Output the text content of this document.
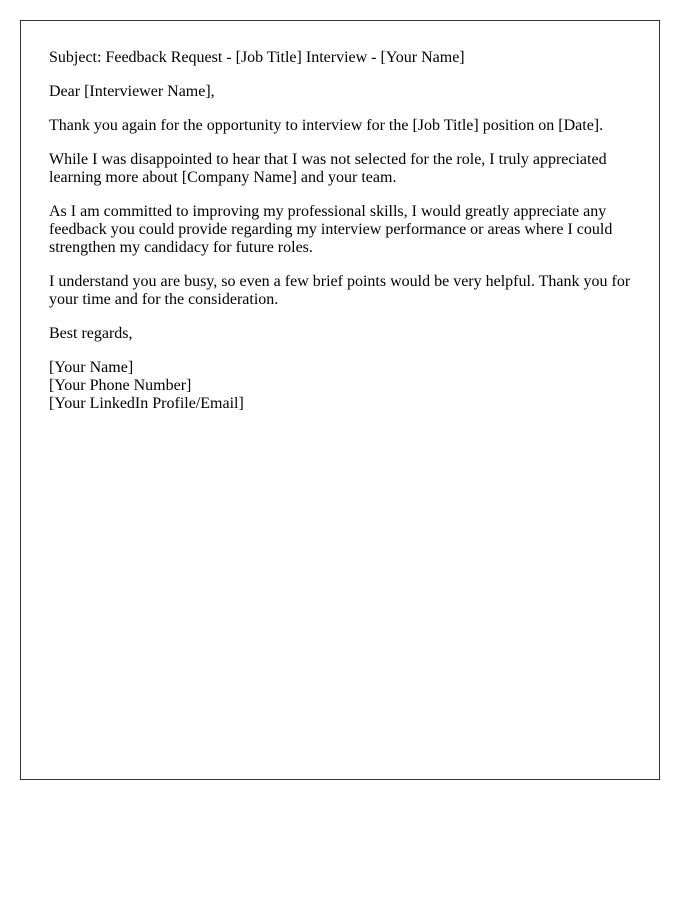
Subject: Feedback Request - [Job Title] Interview - [Your Name]

Dear [Interviewer Name],

Thank you again for the opportunity to interview for the [Job Title] position on [Date].

While I was disappointed to hear that I was not selected for the role, I truly appreciated learning more about [Company Name] and your team.

As I am committed to improving my professional skills, I would greatly appreciate any feedback you could provide regarding my interview performance or areas where I could strengthen my candidacy for future roles.

I understand you are busy, so even a few brief points would be very helpful. Thank you for your time and for the consideration.

Best regards,

[Your Name]
[Your Phone Number]
[Your LinkedIn Profile/Email]
